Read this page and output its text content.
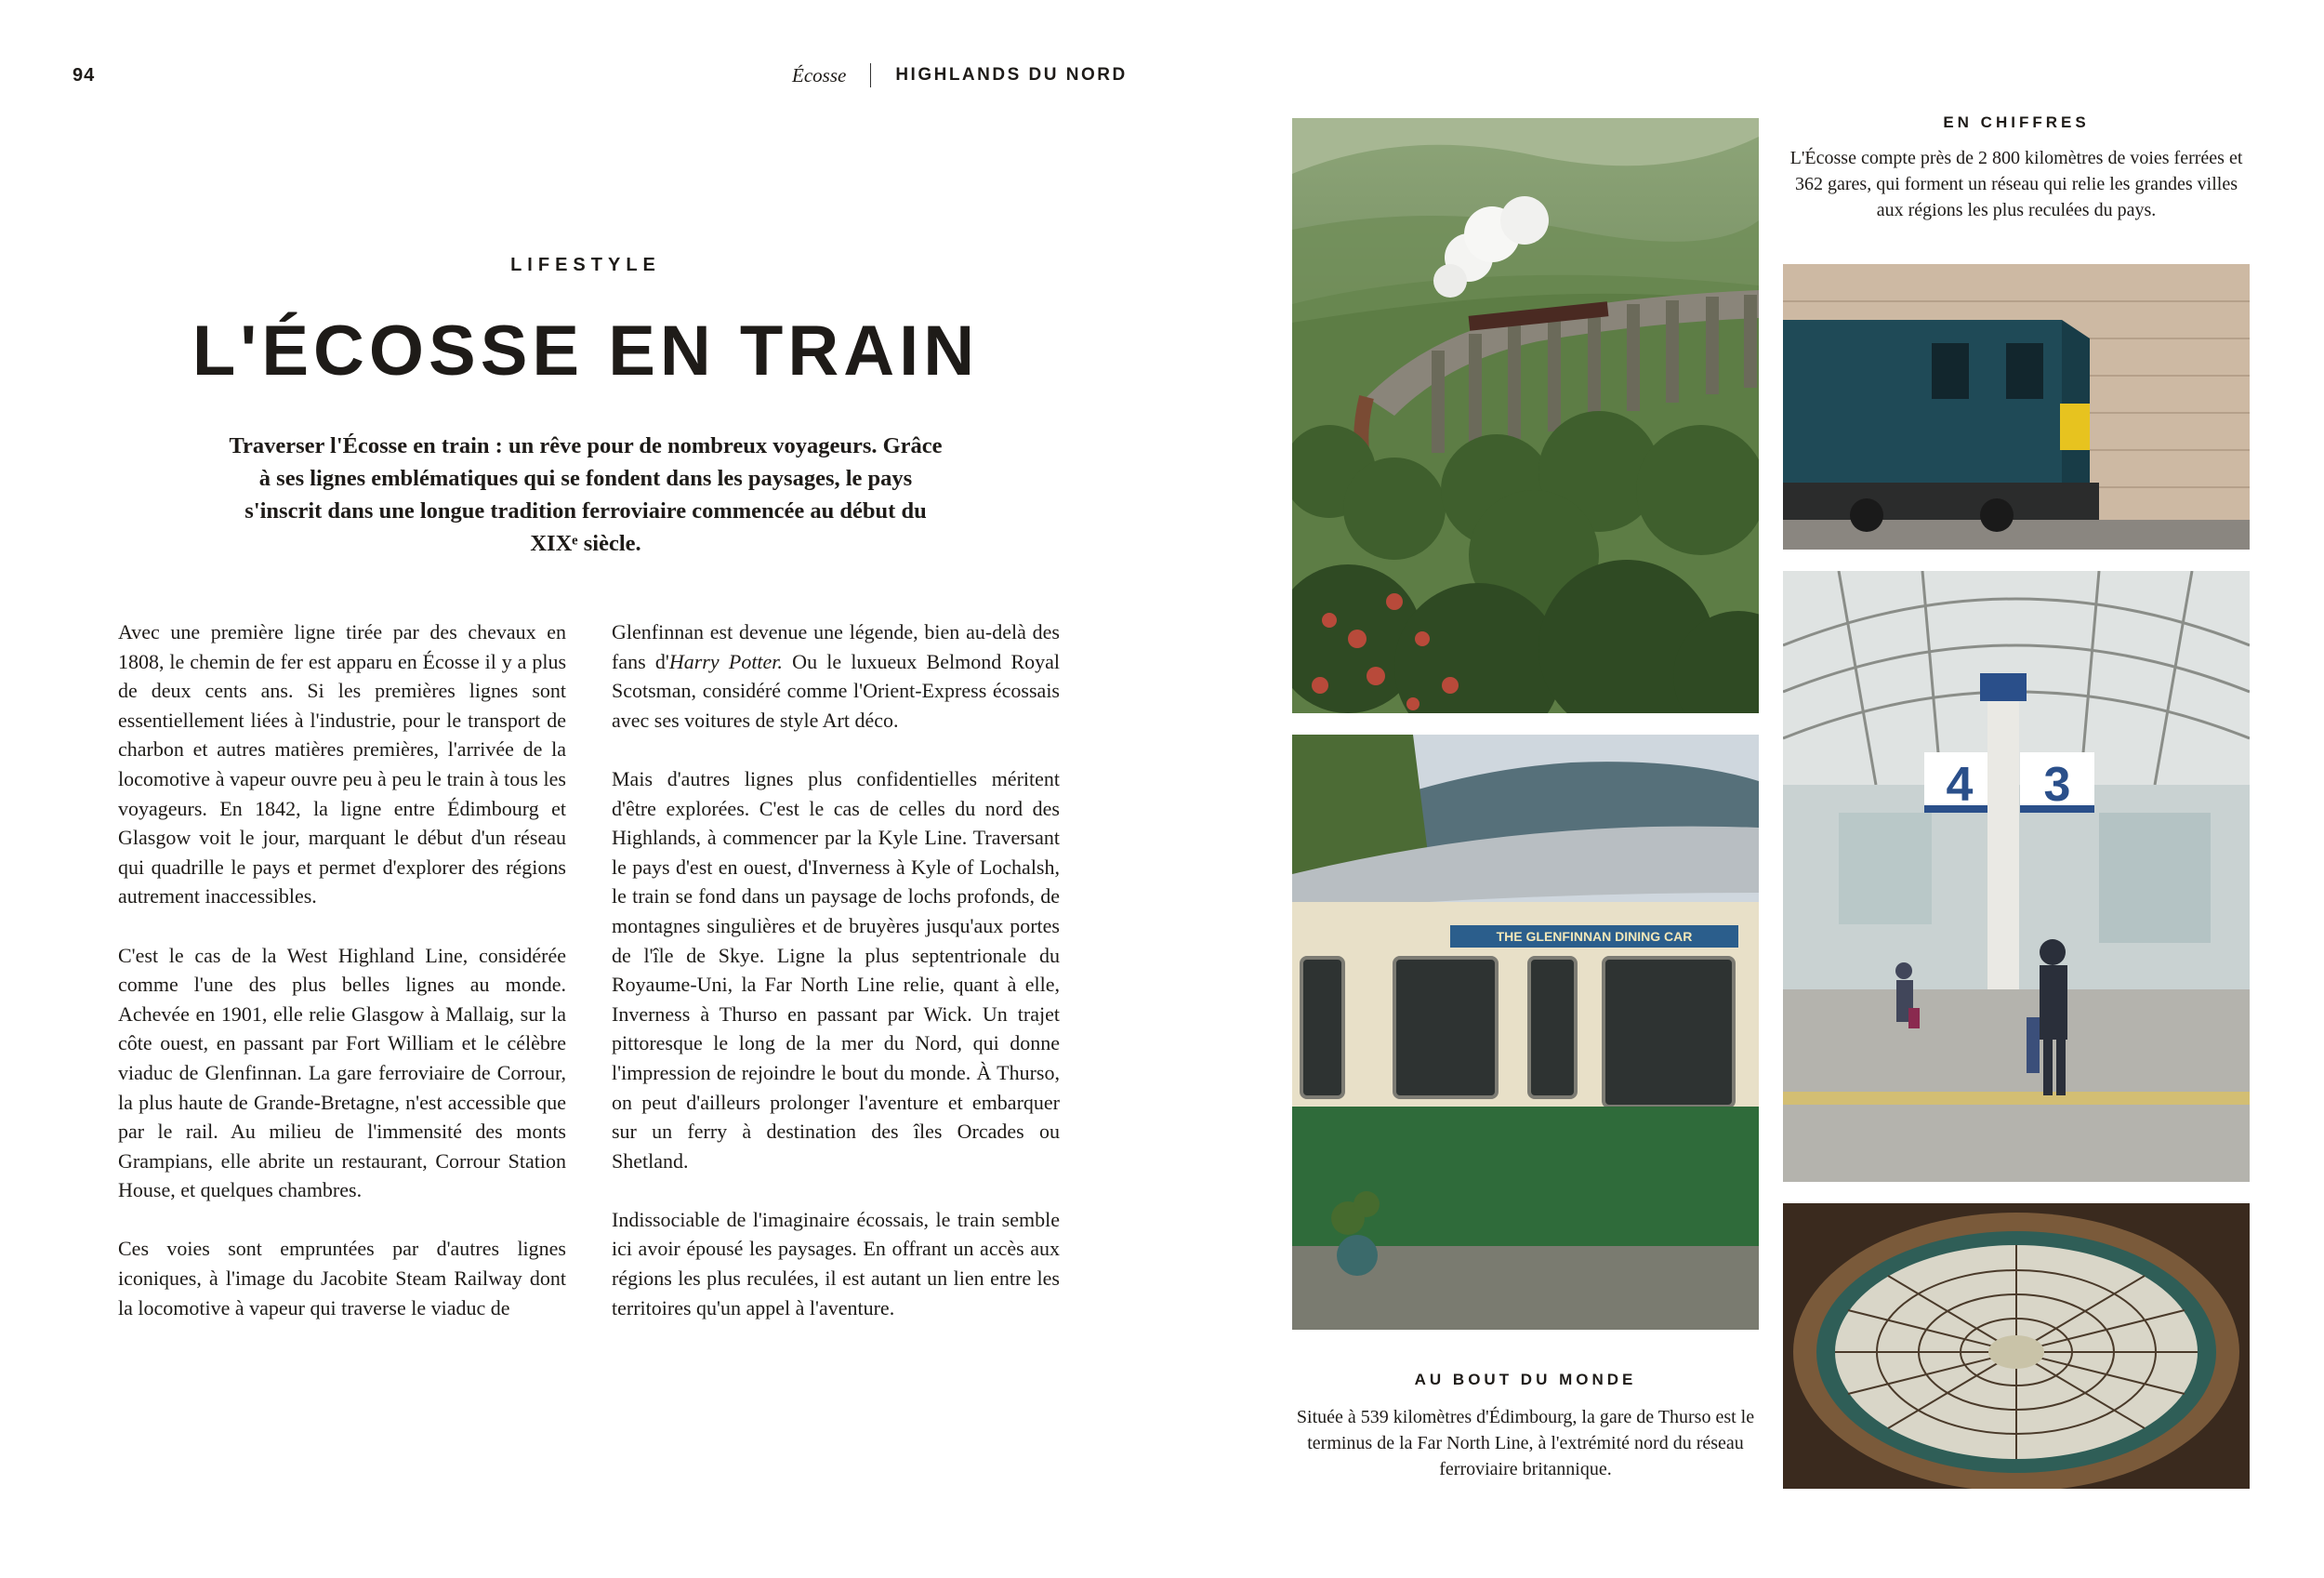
94	Écosse	HIGHLANDS DU NORD
LIFESTYLE
L'ÉCOSSE EN TRAIN
Traverser l'Écosse en train : un rêve pour de nombreux voyageurs. Grâce à ses lignes emblématiques qui se fondent dans les paysages, le pays s'inscrit dans une longue tradition ferroviaire commencée au début du XIXᵉ siècle.

Avec une première ligne tirée par des chevaux en 1808, le chemin de fer est apparu en Écosse il y a plus de deux cents ans. Si les premières lignes sont essentiellement liées à l'industrie, pour le transport de charbon et autres matières premières, l'arrivée de la locomotive à vapeur ouvre peu à peu le train à tous les voyageurs. En 1842, la ligne entre Édimbourg et Glasgow voit le jour, marquant le début d'un réseau qui quadrille le pays et permet d'explorer des régions autrement inaccessibles.

C'est le cas de la West Highland Line, considérée comme l'une des plus belles lignes au monde. Achevée en 1901, elle relie Glasgow à Mallaig, sur la côte ouest, en passant par Fort William et le célèbre viaduc de Glenfinnan. La gare ferroviaire de Corrour, la plus haute de Grande-Bretagne, n'est accessible que par le rail. Au milieu de l'immensité des monts Grampians, elle abrite un restaurant, Corrour Station House, et quelques chambres.

Ces voies sont empruntées par d'autres lignes iconiques, à l'image du Jacobite Steam Railway dont la locomotive à vapeur qui traverse le viaduc de

Glenfinnan est devenue une légende, bien au-delà des fans d'Harry Potter. Ou le luxueux Belmond Royal Scotsman, considéré comme l'Orient-Express écossais avec ses voitures de style Art déco.

Mais d'autres lignes plus confidentielles méritent d'être explorées. C'est le cas de celles du nord des Highlands, à commencer par la Kyle Line. Traversant le pays d'est en ouest, d'Inverness à Kyle of Lochalsh, le train se fond dans un paysage de lochs profonds, de montagnes singulières et de bruyères jusqu'aux portes de l'île de Skye. Ligne la plus septentrionale du Royaume-Uni, la Far North Line relie, quant à elle, Inverness à Thurso en passant par Wick. Un trajet pittoresque le long de la mer du Nord, qui donne l'impression de rejoindre le bout du monde. À Thurso, on peut d'ailleurs prolonger l'aventure et embarquer sur un ferry à destination des îles Orcades ou Shetland.

Indissociable de l'imaginaire écossais, le train semble ici avoir épousé les paysages. En offrant un accès aux régions les plus reculées, il est autant un lien entre les territoires qu'un appel à l'aventure.

THE GLENFINNAN DINING CAR
EN CHIFFRES
L'Écosse compte près de 2 800 kilomètres de voies ferrées et 362 gares, qui forment un réseau qui relie les grandes villes aux régions les plus reculées du pays.
4 3
AU BOUT DU MONDE
Située à 539 kilomètres d'Édimbourg, la gare de Thurso est le terminus de la Far North Line, à l'extrémité nord du réseau ferroviaire britannique.
